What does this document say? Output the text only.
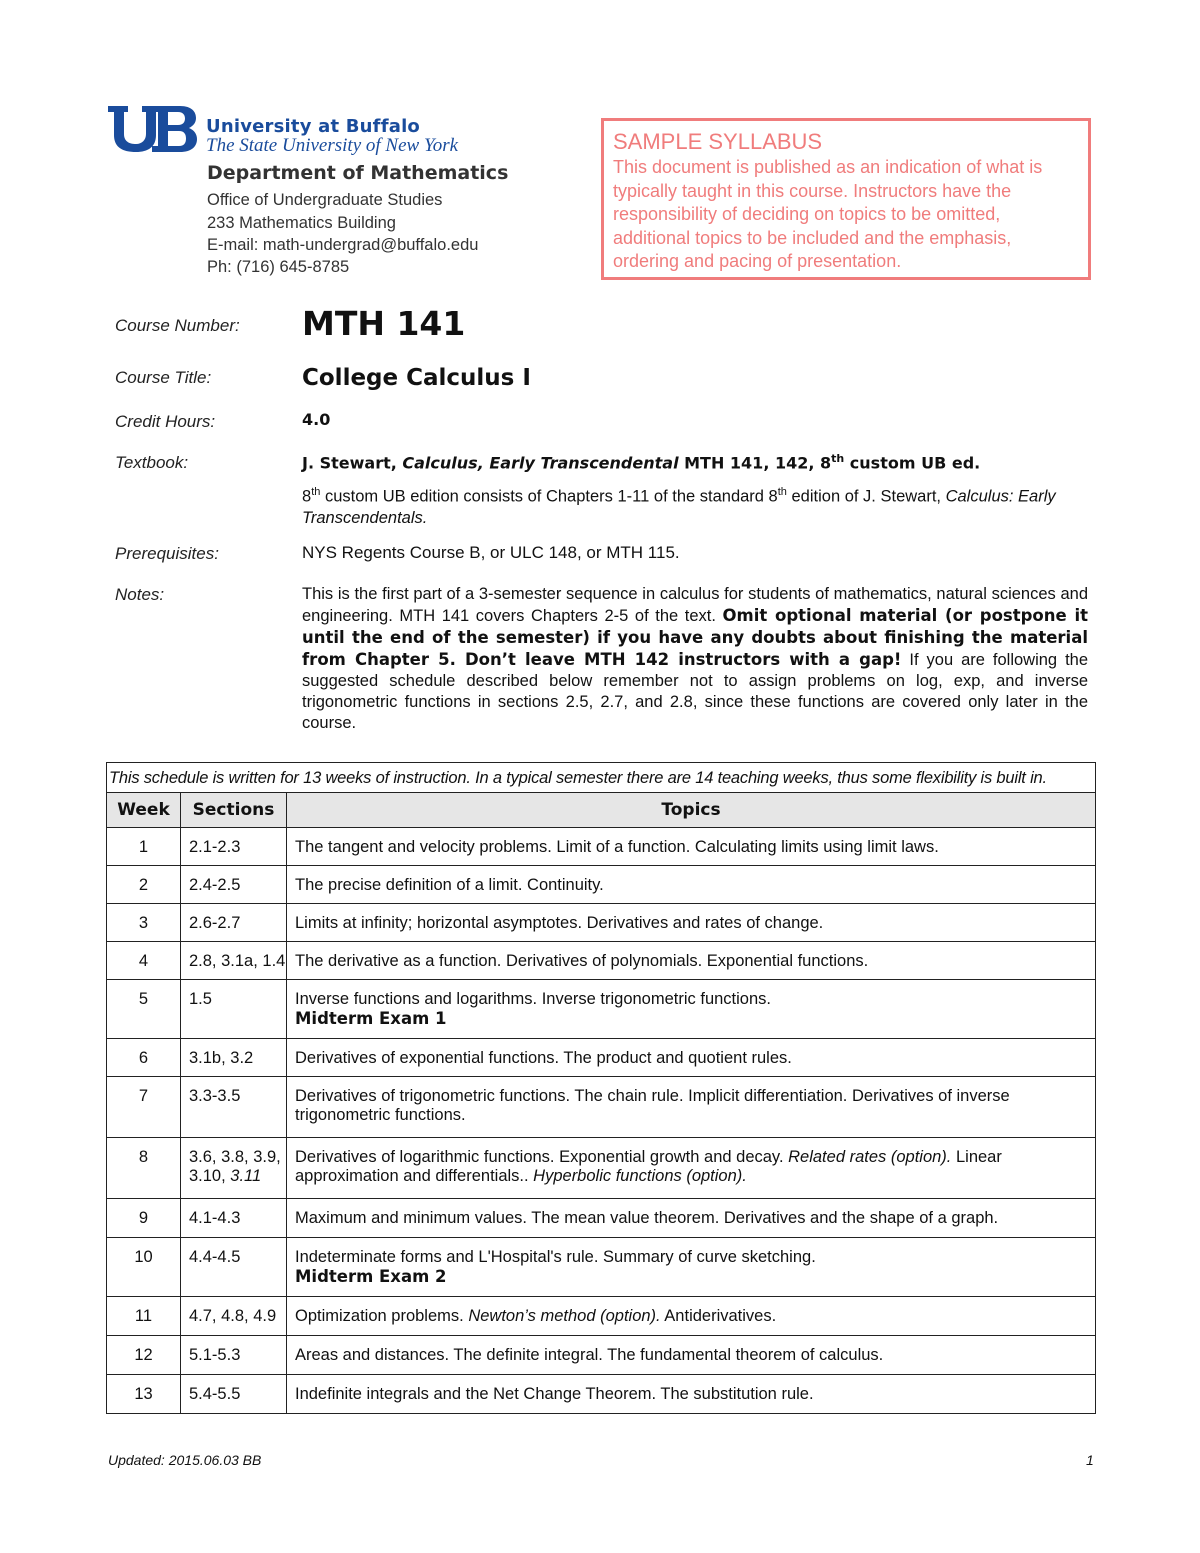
University at Buffalo
The State University of New York
Department of Mathematics
Office of Undergraduate Studies
233 Mathematics Building
E-mail: math-undergrad@buffalo.edu
Ph: (716) 645-8785
SAMPLE SYLLABUS
This document is published as an indication of what is typically taught in this course. Instructors have the responsibility of deciding on topics to be omitted, additional topics to be included and the emphasis, ordering and pacing of presentation.
Course Number: MTH 141
Course Title:	College Calculus I
Credit Hours:	4.0
Textbook:	J. Stewart, Calculus, Early Transcendental MTH 141, 142, 8th custom UB ed.
8th custom UB edition consists of Chapters 1-11 of the standard 8th edition of J. Stewart, Calculus: Early Transcendentals.
Prerequisites:	NYS Regents Course B, or ULC 148, or MTH 115.
Notes:	This is the first part of a 3-semester sequence in calculus for students of mathematics, natural sciences and engineering. MTH 141 covers Chapters 2-5 of the text. Omit optional material (or postpone it until the end of the semester) if you have any doubts about finishing the material from Chapter 5. Don’t leave MTH 142 instructors with a gap! If you are following the suggested schedule described below remember not to assign problems on log, exp, and inverse trigonometric functions in sections 2.5, 2.7, and 2.8, since these functions are covered only later in the course.
This schedule is written for 13 weeks of instruction. In a typical semester there are 14 teaching weeks, thus some flexibility is built in.		
Week	Sections	Topics
1	2.1-2.3	The tangent and velocity problems. Limit of a function. Calculating limits using limit laws.
2	2.4-2.5	The precise definition of a limit. Continuity.
3	2.6-2.7	Limits at infinity; horizontal asymptotes. Derivatives and rates of change.
4	2.8, 3.1a, 1.4	The derivative as a function. Derivatives of polynomials. Exponential functions.
5	1.5	Inverse functions and logarithms. Inverse trigonometric functions.
Midterm Exam 1

6	3.1b, 3.2	Derivatives of exponential functions. The product and quotient rules.
7	3.3-3.5	Derivatives of trigonometric functions. The chain rule. Implicit differentiation. Derivatives of inverse trigonometric functions.
8	3.6, 3.8, 3.9, 3.10, 3.11	Derivatives of logarithmic functions. Exponential growth and decay. Related rates (option). Linear approximation and differentials.. Hyperbolic functions (option).
9	4.1-4.3	Maximum and minimum values. The mean value theorem. Derivatives and the shape of a graph.
10	4.4-4.5	Indeterminate forms and L'Hospital's rule. Summary of curve sketching.
Midterm Exam 2

11	4.7, 4.8, 4.9	Optimization problems. Newton’s method (option). Antiderivatives.
12	5.1-5.3	Areas and distances. The definite integral. The fundamental theorem of calculus.
13	5.4-5.5	Indefinite integrals and the Net Change Theorem. The substitution rule.
Updated: 2015.06.03 BB	1
